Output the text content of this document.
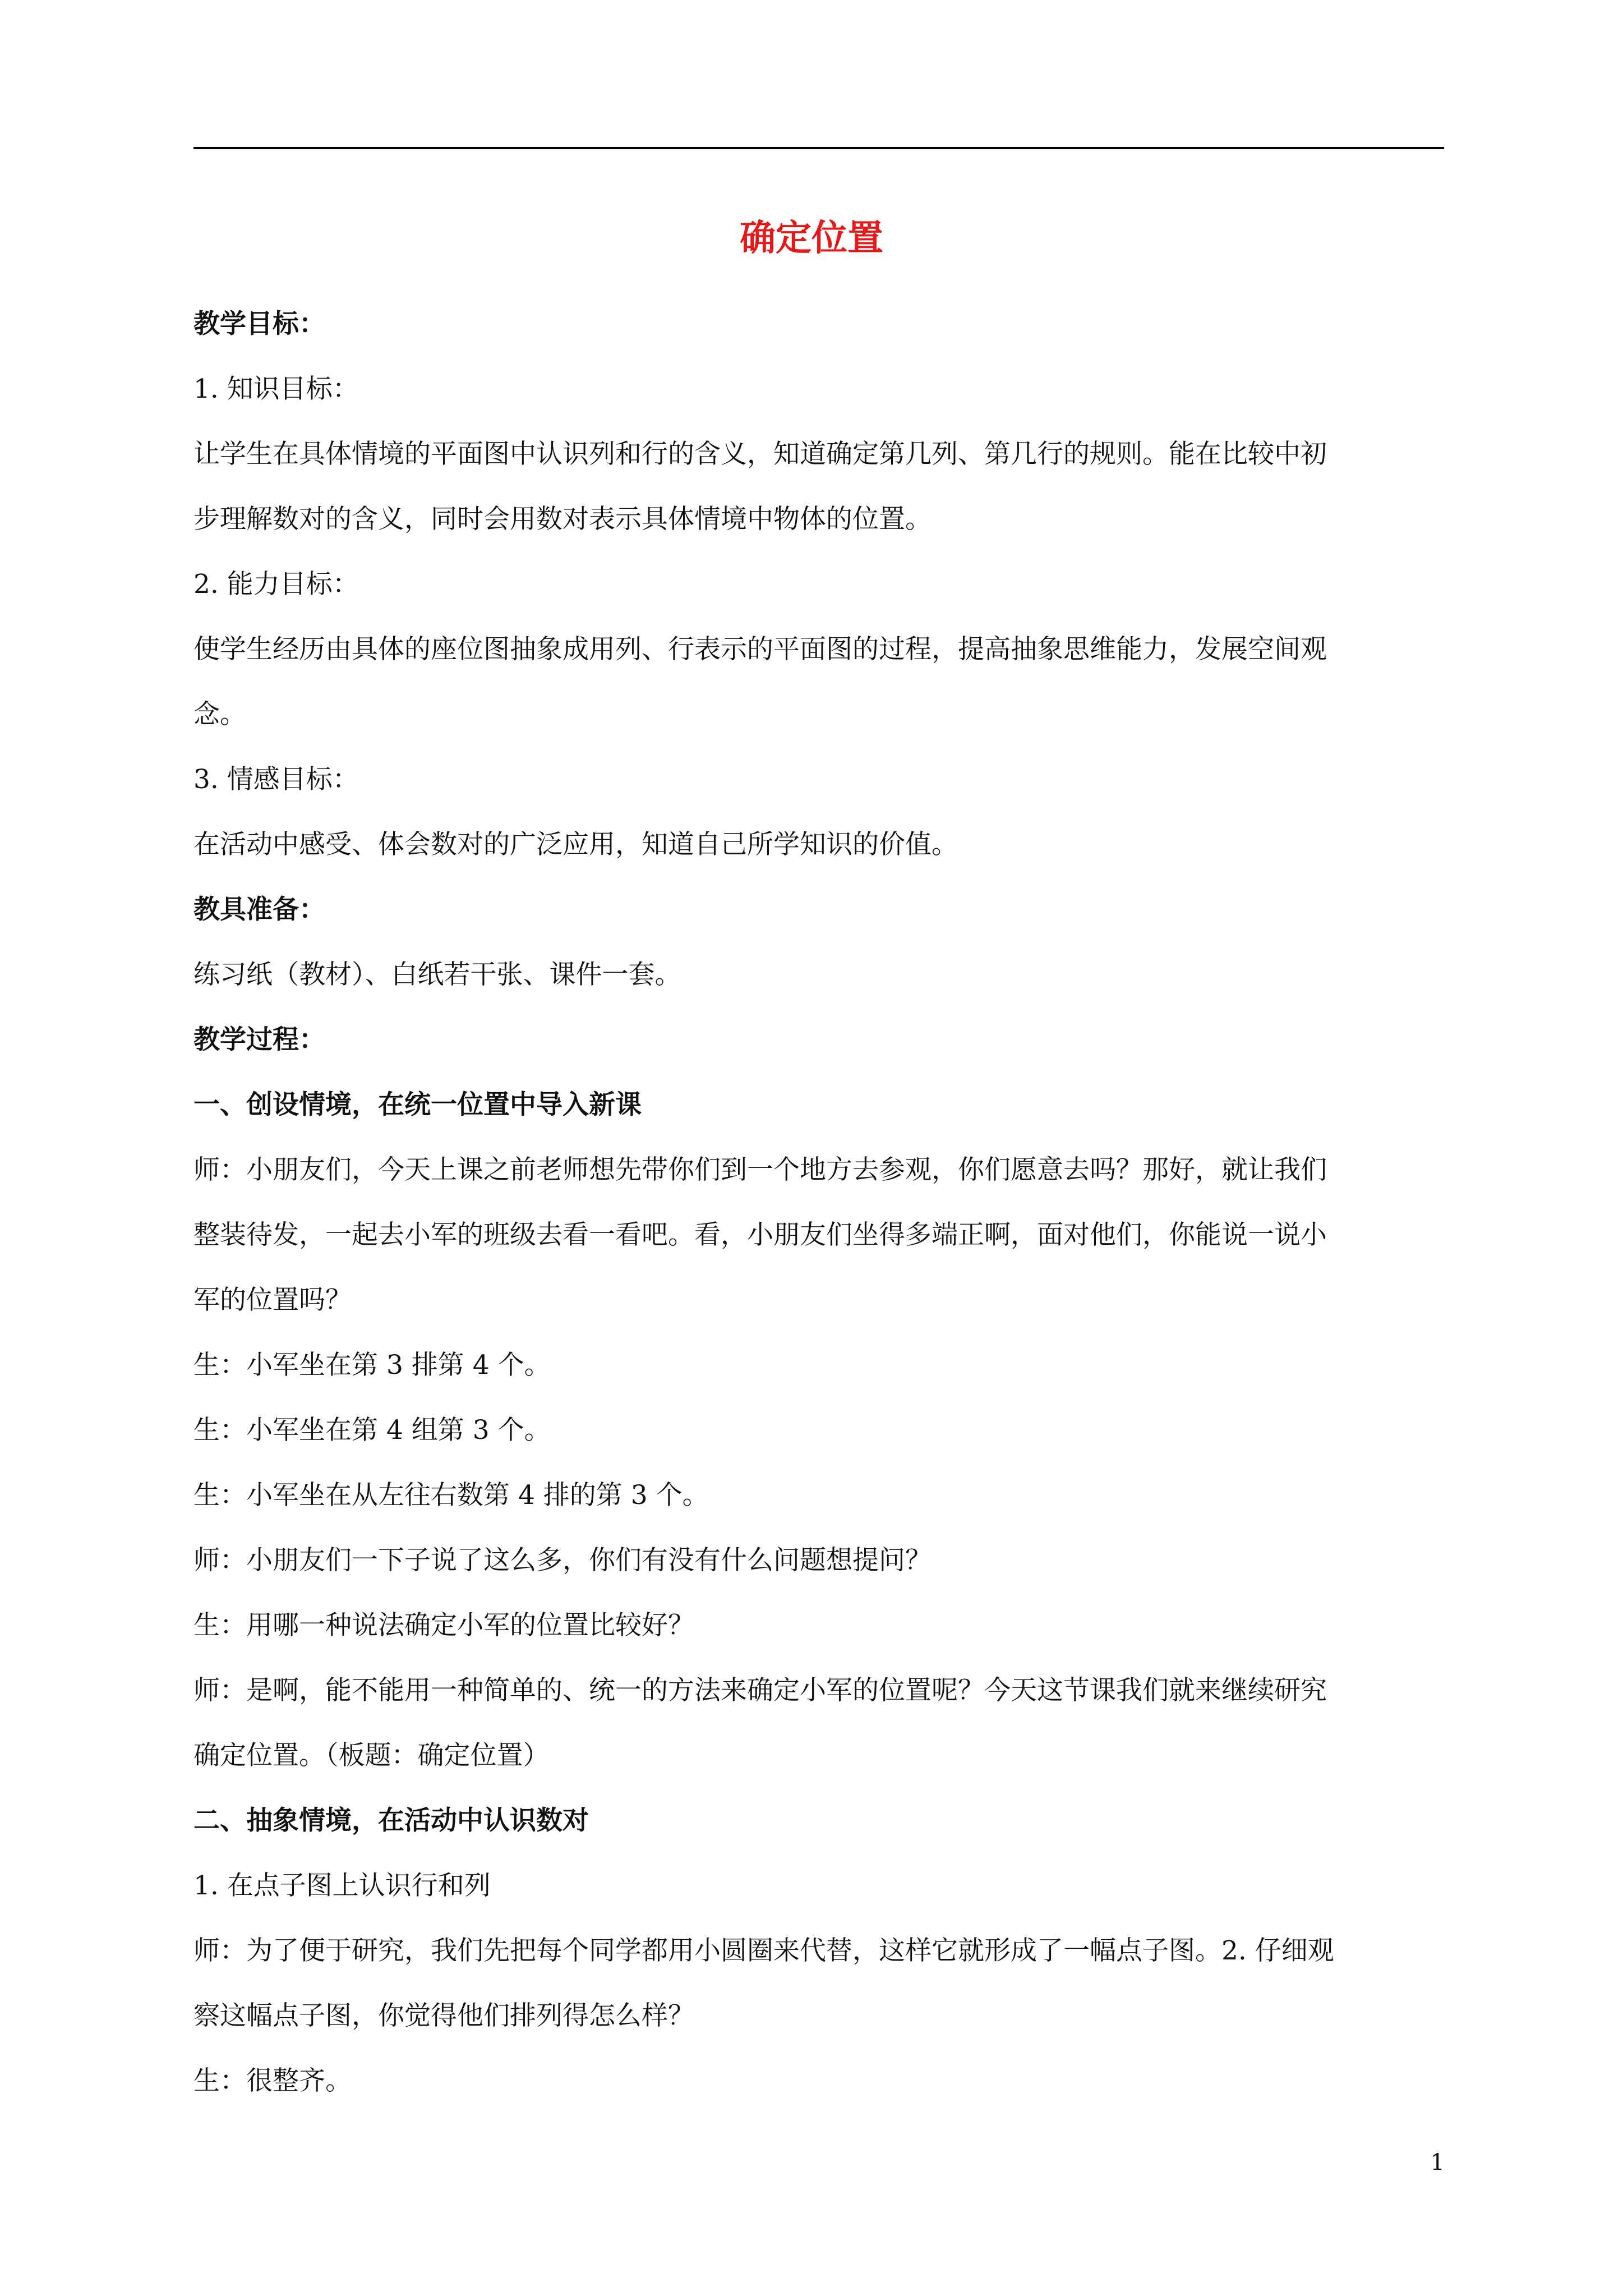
确定位置

教学目标：

1. 知识目标：

让学生在具体情境的平面图中认识列和行的含义，知道确定第几列、第几行的规则。能在比较中初

步理解数对的含义，同时会用数对表示具体情境中物体的位置。

2. 能力目标：

使学生经历由具体的座位图抽象成用列、行表示的平面图的过程，提高抽象思维能力，发展空间观

念。

3. 情感目标：

在活动中感受、体会数对的广泛应用，知道自己所学知识的价值。

教具准备：

练习纸（教材）、白纸若干张、课件一套。

教学过程：

一、创设情境，在统一位置中导入新课

师：小朋友们，今天上课之前老师想先带你们到一个地方去参观，你们愿意去吗？那好，就让我们

整装待发，一起去小军的班级去看一看吧。看，小朋友们坐得多端正啊，面对他们，你能说一说小

军的位置吗？

生：小军坐在第 3 排第 4 个。

生：小军坐在第 4 组第 3 个。

生：小军坐在从左往右数第 4 排的第 3 个。

师：小朋友们一下子说了这么多，你们有没有什么问题想提问？

生：用哪一种说法确定小军的位置比较好？

师：是啊，能不能用一种简单的、统一的方法来确定小军的位置呢？今天这节课我们就来继续研究

确定位置。（板题：确定位置）

二、抽象情境，在活动中认识数对

1. 在点子图上认识行和列

师：为了便于研究，我们先把每个同学都用小圆圈来代替，这样它就形成了一幅点子图。2. 仔细观

察这幅点子图，你觉得他们排列得怎么样？

生：很整齐。

1
